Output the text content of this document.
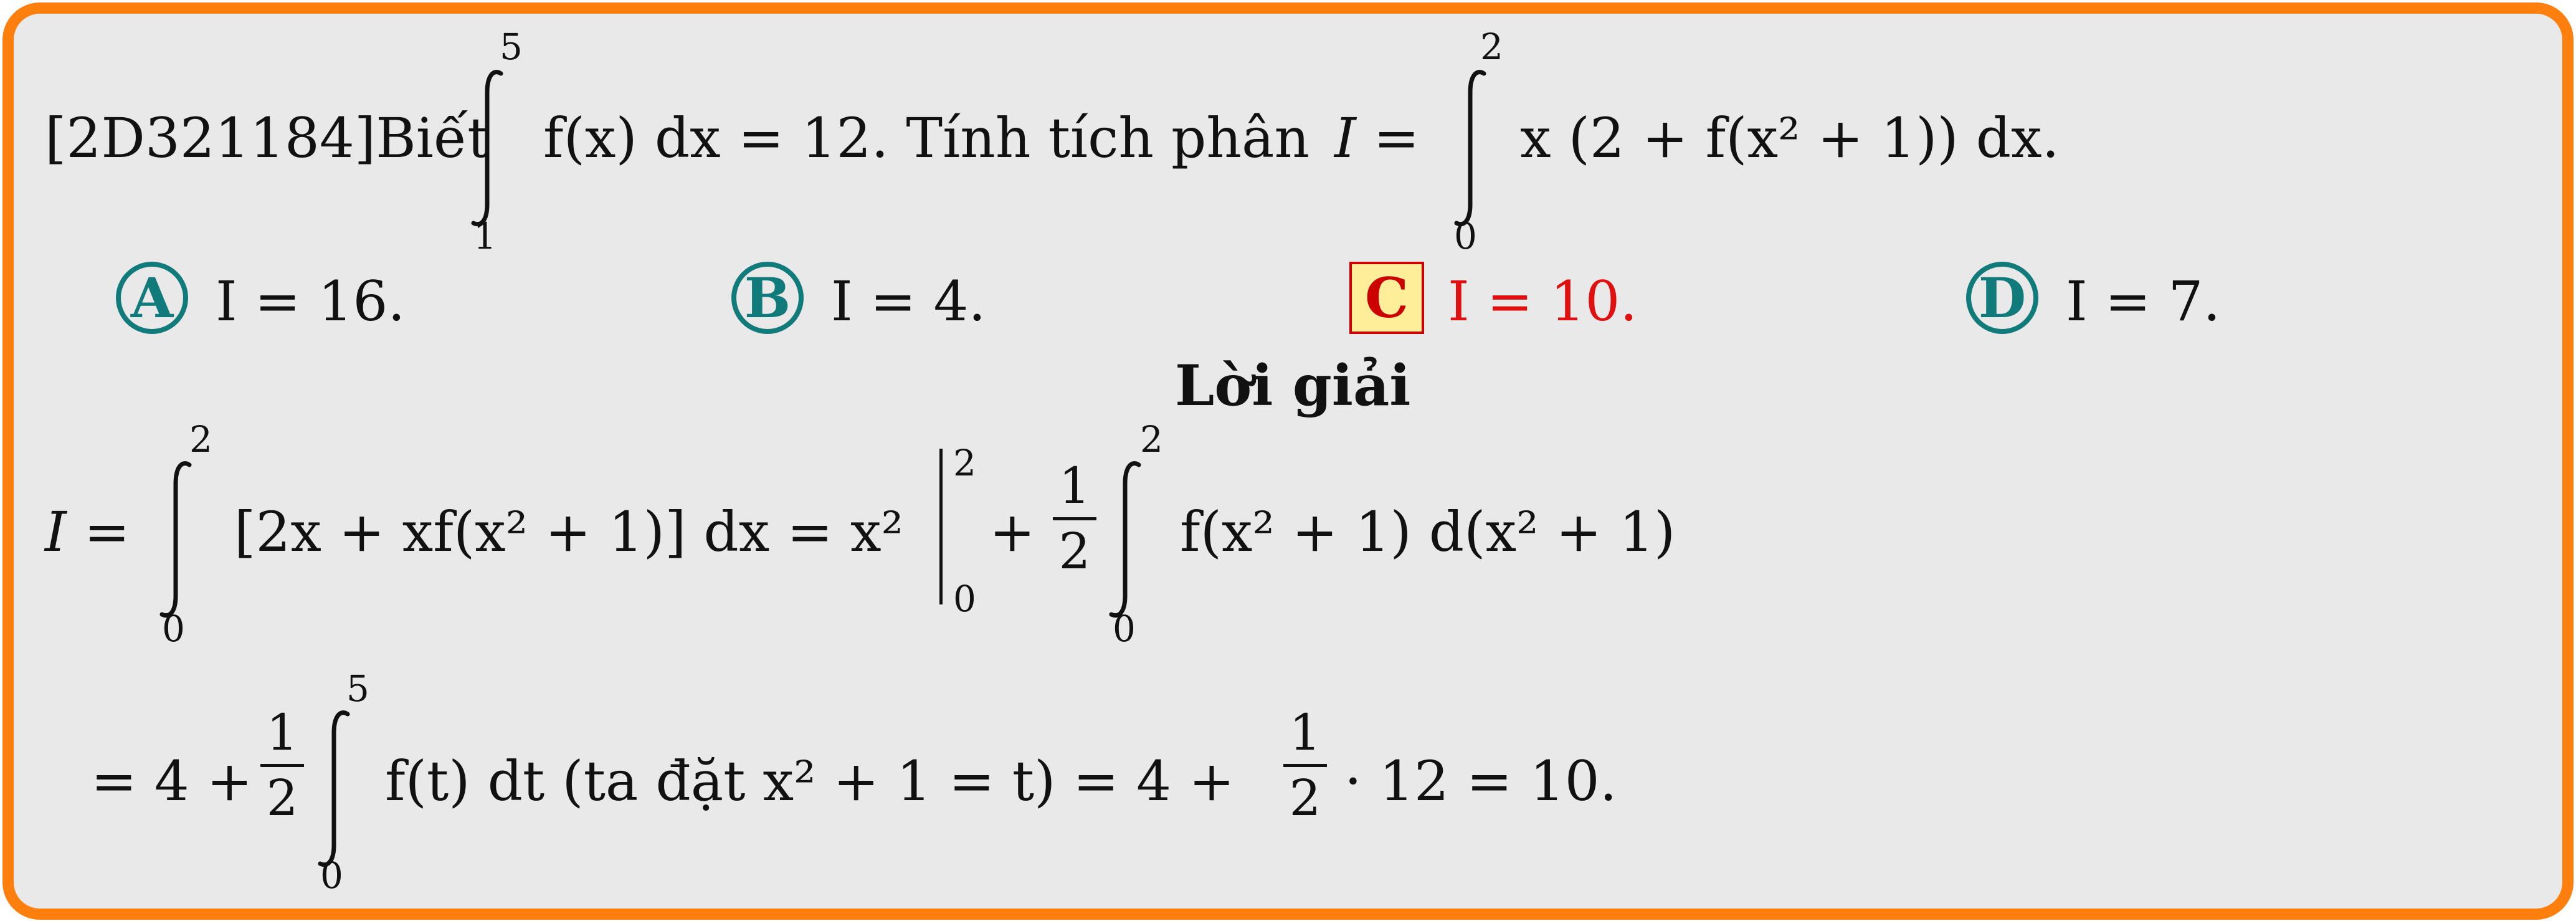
[2D321184]Biết
5
1
f(x) dx = 12. Tính tích phân I =
2
0
x (2 + f(x² + 1)) dx.
A I = 16.	B I = 4.	C I = 10.	D I = 7.
Lời giải
I =
2
0
[2x + xf(x² + 1)] dx = x²
2
0
+
1
2
2
0
f(x² + 1) d(x² + 1)
= 4 +
1
2
5
0
f(t) dt (ta đặt x² + 1 = t) = 4 +
1
2 · 12 = 10.
